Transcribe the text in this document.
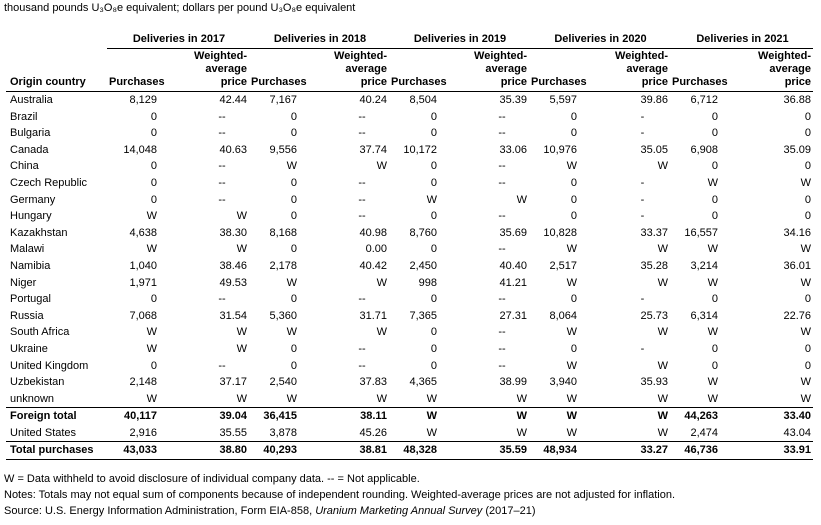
thousand pounds U₃O₈e equivalent; dollars per pound U₃O₈e equivalent
	Deliveries in 2017		Deliveries in 2018		Deliveries in 2019		Deliveries in 2020		Deliveries in 2021	
Origin country	Purchases	Weighted-
average
price	Purchases	Weighted-
average
price	Purchases	Weighted-
average
price	Purchases	Weighted-
average
price	Purchases	Weighted-
average
price
Australia	8,129	42.44	7,167	40.24	8,504	35.39	5,597	39.86	6,712	36.88
Brazil	0	--	0	--	0	--	0	-	0	0
Bulgaria	0	--	0	--	0	--	0	-	0	0
Canada	14,048	40.63	9,556	37.74	10,172	33.06	10,976	35.05	6,908	35.09
China	0	--	W	W	0	--	W	W	0	0
Czech Republic	0	--	0	--	0	--	0	-	W	W
Germany	0	--	0	--	W	W	0	-	0	0
Hungary	W	W	0	--	0	--	0	-	0	0
Kazakhstan	4,638	38.30	8,168	40.98	8,760	35.69	10,828	33.37	16,557	34.16
Malawi	W	W	0	0.00	0	--	W	W	W	W
Namibia	1,040	38.46	2,178	40.42	2,450	40.40	2,517	35.28	3,214	36.01
Niger	1,971	49.53	W	W	998	41.21	W	W	W	W
Portugal	0	--	0	--	0	--	0	-	0	0
Russia	7,068	31.54	5,360	31.71	7,365	27.31	8,064	25.73	6,314	22.76
South Africa	W	W	W	W	0	--	W	W	W	W
Ukraine	W	W	0	--	0	--	0	-	0	0
United Kingdom	0	--	0	--	0	--	W	W	0	0
Uzbekistan	2,148	37.17	2,540	37.83	4,365	38.99	3,940	35.93	W	W
unknown	W	W	W	W	W	W	W	W	W	W
Foreign total	40,117	39.04	36,415	38.11	W	W	W	W	44,263	33.40
United States	2,916	35.55	3,878	45.26	W	W	W	W	2,474	43.04
Total purchases	43,033	38.80	40,293	38.81	48,328	35.59	48,934	33.27	46,736	33.91
W = Data withheld to avoid disclosure of individual company data. -- = Not applicable.
Notes: Totals may not equal sum of components because of independent rounding. Weighted-average prices are not adjusted for inflation.
Source: U.S. Energy Information Administration, Form EIA-858, Uranium Marketing Annual Survey (2017–21)
